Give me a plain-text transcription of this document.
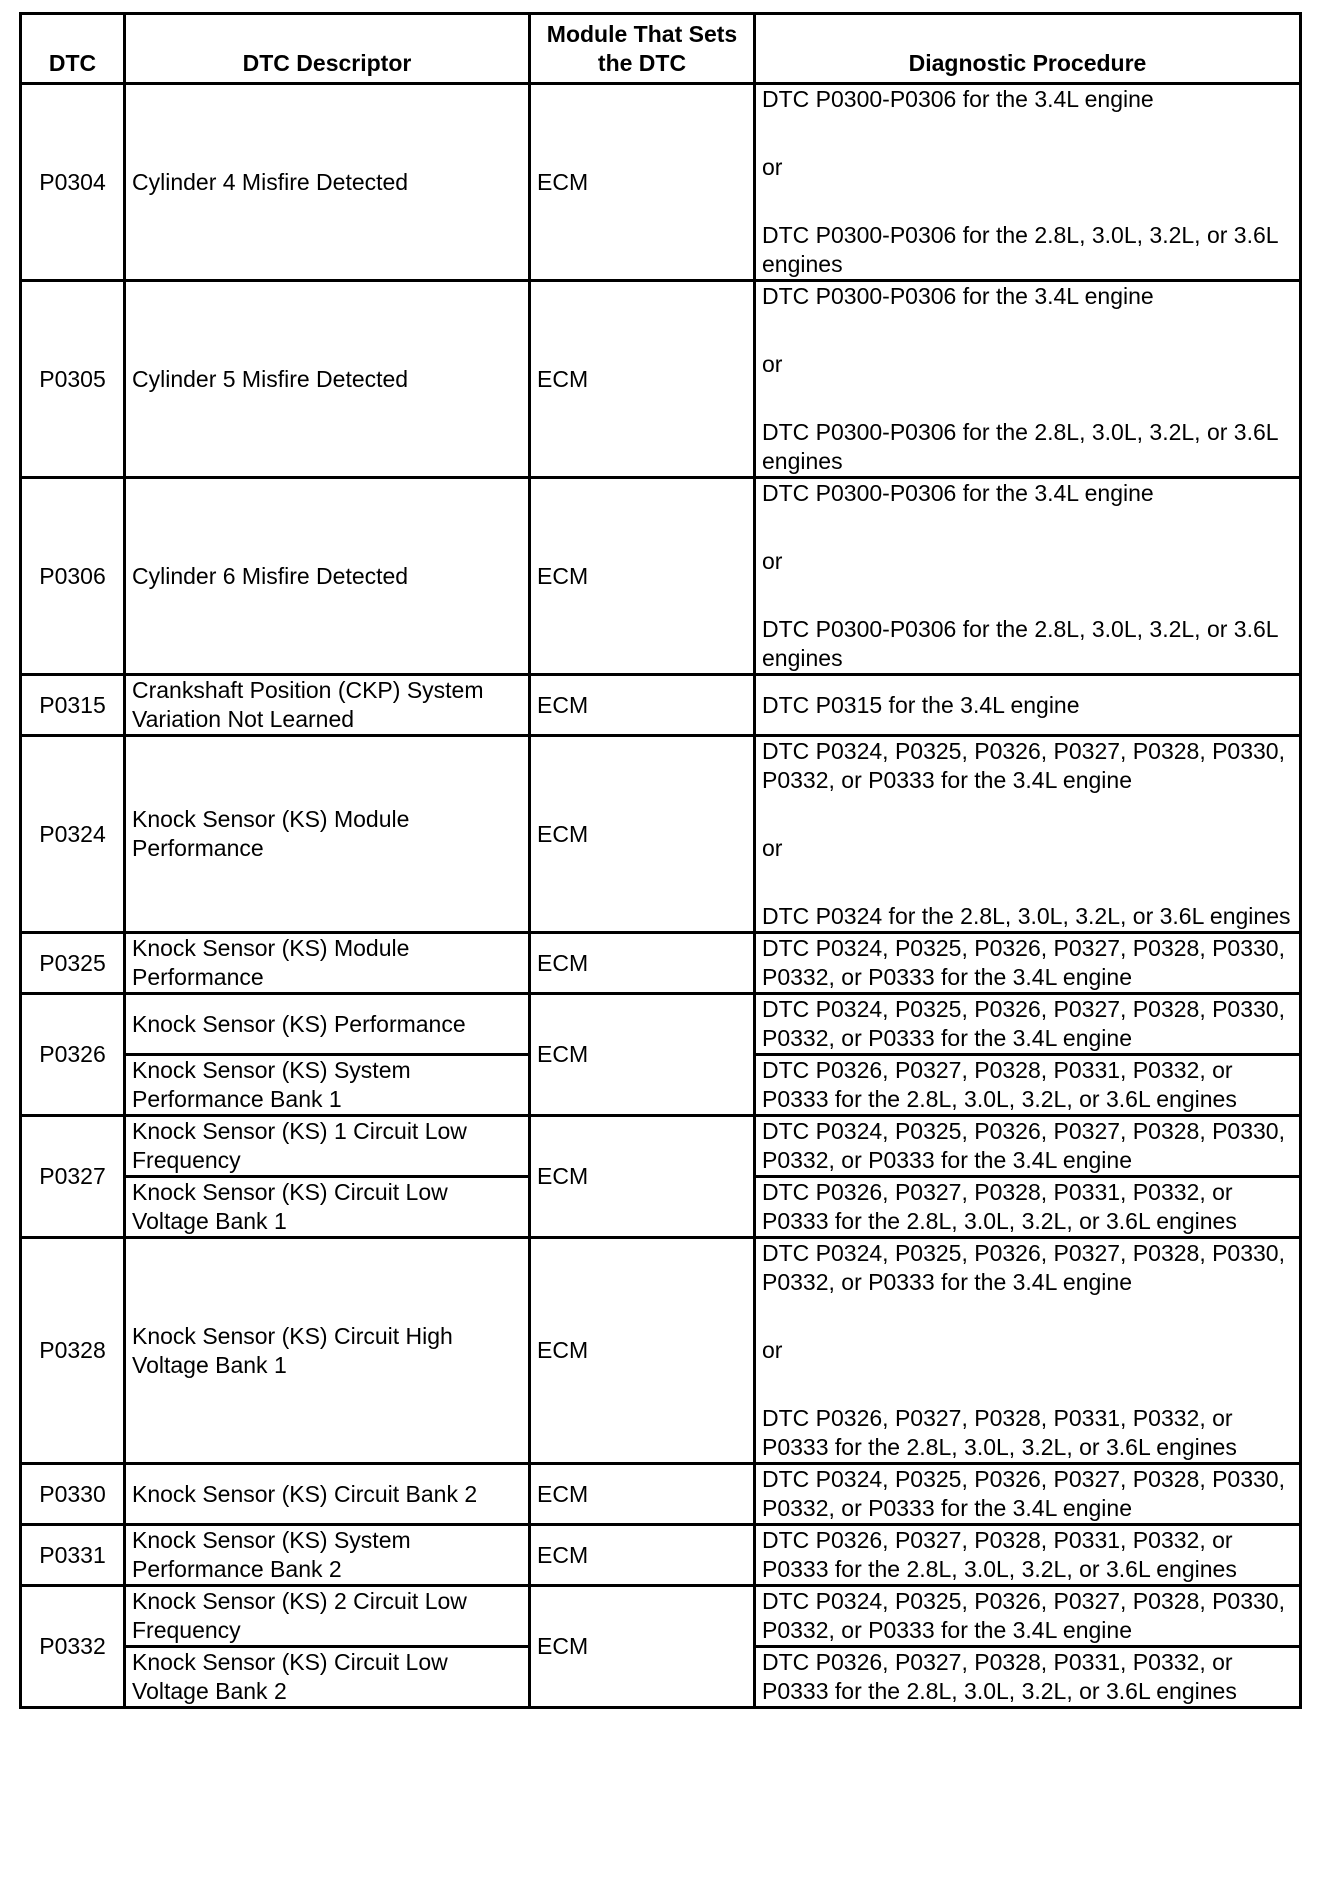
DTC	DTC Descriptor	Module That Sets the DTC	Diagnostic Procedure
P0304	Cylinder 4 Misfire Detected	ECM	DTC P0300-P0306 for the 3.4L engine
or
DTC P0300-P0306 for the 2.8L, 3.0L, 3.2L, or 3.6L engines

P0305	Cylinder 5 Misfire Detected	ECM	DTC P0300-P0306 for the 3.4L engine
or
DTC P0300-P0306 for the 2.8L, 3.0L, 3.2L, or 3.6L engines

P0306	Cylinder 6 Misfire Detected	ECM	DTC P0300-P0306 for the 3.4L engine
or
DTC P0300-P0306 for the 2.8L, 3.0L, 3.2L, or 3.6L engines

P0315	Crankshaft Position (CKP) System Variation Not Learned	ECM	DTC P0315 for the 3.4L engine

P0324	Knock Sensor (KS) Module Performance	ECM	DTC P0324, P0325, P0326, P0327, P0328, P0330, P0332, or P0333 for the 3.4L engine
or
DTC P0324 for the 2.8L, 3.0L, 3.2L, or 3.6L engines

P0325	Knock Sensor (KS) Module Performance	ECM	DTC P0324, P0325, P0326, P0327, P0328, P0330, P0332, or P0333 for the 3.4L engine

P0326	Knock Sensor (KS) Performance	ECM	DTC P0324, P0325, P0326, P0327, P0328, P0330, P0332, or P0333 for the 3.4L engine
	Knock Sensor (KS) System Performance Bank 1		DTC P0326, P0327, P0328, P0331, P0332, or P0333 for the 2.8L, 3.0L, 3.2L, or 3.6L engines
P0327	Knock Sensor (KS) 1 Circuit Low Frequency	ECM	DTC P0324, P0325, P0326, P0327, P0328, P0330, P0332, or P0333 for the 3.4L engine
	Knock Sensor (KS) Circuit Low Voltage Bank 1		DTC P0326, P0327, P0328, P0331, P0332, or P0333 for the 2.8L, 3.0L, 3.2L, or 3.6L engines
P0328	Knock Sensor (KS) Circuit High Voltage Bank 1	ECM	DTC P0324, P0325, P0326, P0327, P0328, P0330, P0332, or P0333 for the 3.4L engine
or
DTC P0326, P0327, P0328, P0331, P0332, or P0333 for the 2.8L, 3.0L, 3.2L, or 3.6L engines

P0330	Knock Sensor (KS) Circuit Bank 2	ECM	DTC P0324, P0325, P0326, P0327, P0328, P0330, P0332, or P0333 for the 3.4L engine

P0331	Knock Sensor (KS) System Performance Bank 2	ECM	DTC P0326, P0327, P0328, P0331, P0332, or P0333 for the 2.8L, 3.0L, 3.2L, or 3.6L engines

P0332	Knock Sensor (KS) 2 Circuit Low Frequency	ECM	DTC P0324, P0325, P0326, P0327, P0328, P0330, P0332, or P0333 for the 3.4L engine
	Knock Sensor (KS) Circuit Low Voltage Bank 2		DTC P0326, P0327, P0328, P0331, P0332, or P0333 for the 2.8L, 3.0L, 3.2L, or 3.6L engines
